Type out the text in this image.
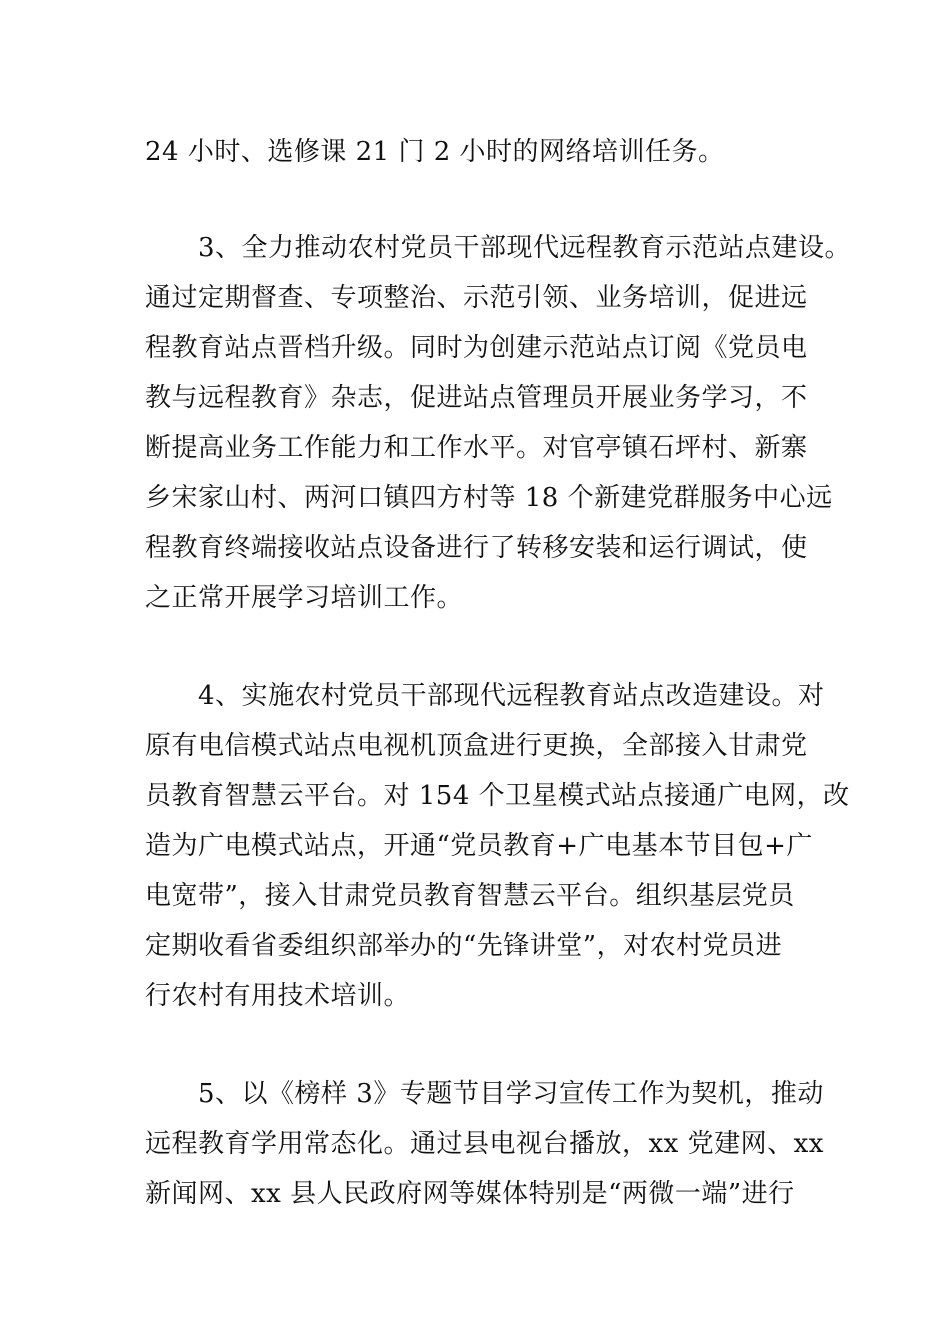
24 小时、选修课 21 门 2 小时的网络培训任务。
3、全力推动农村党员干部现代远程教育示范站点建设。
通过定期督查、专项整治、示范引领、业务培训，促进远
程教育站点晋档升级。同时为创建示范站点订阅《党员电
教与远程教育》杂志，促进站点管理员开展业务学习，不
断提高业务工作能力和工作水平。对官亭镇石坪村、新寨
乡宋家山村、两河口镇四方村等 18 个新建党群服务中心远
程教育终端接收站点设备进行了转移安装和运行调试，使
之正常开展学习培训工作。
4、实施农村党员干部现代远程教育站点改造建设。对
原有电信模式站点电视机顶盒进行更换，全部接入甘肃党
员教育智慧云平台。对 154 个卫星模式站点接通广电网，改
造为广电模式站点，开通“党员教育+广电基本节目包+广
电宽带”，接入甘肃党员教育智慧云平台。组织基层党员
定期收看省委组织部举办的“先锋讲堂”，对农村党员进
行农村有用技术培训。
5、以《榜样 3》专题节目学习宣传工作为契机，推动
远程教育学用常态化。通过县电视台播放，xx 党建网、xx
新闻网、xx 县人民政府网等媒体特别是“两微一端”进行
